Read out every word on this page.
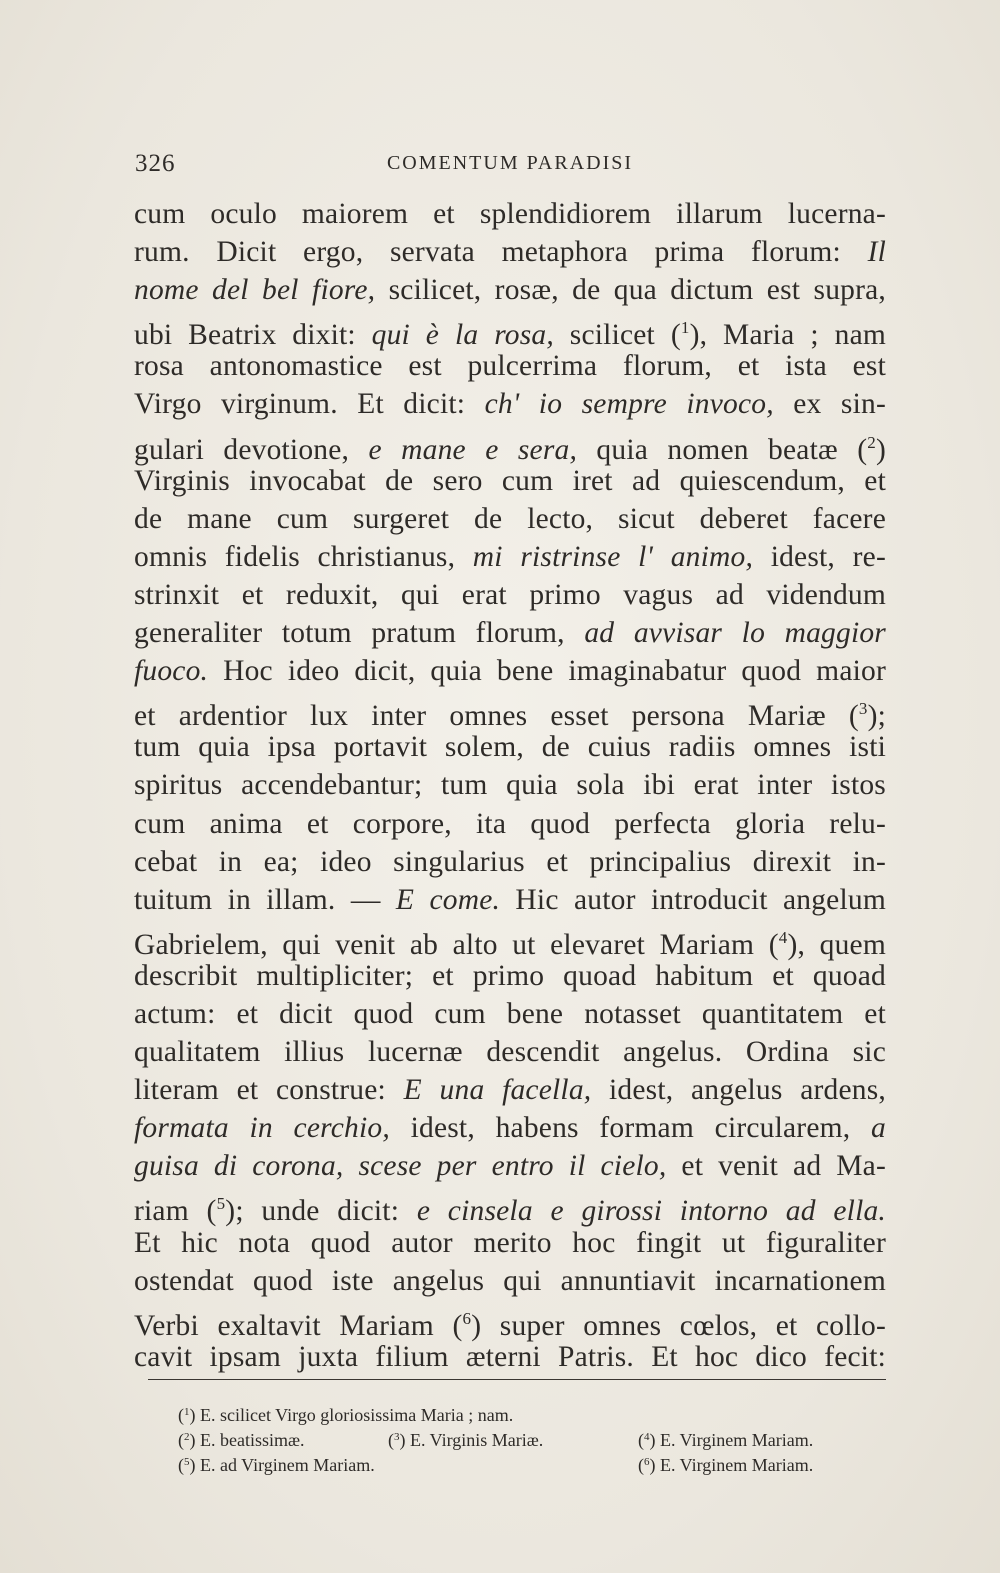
326	COMENTUM PARADISI
cum oculo maiorem et splendidiorem illarum lucerna-
rum. Dicit ergo, servata metaphora prima florum: Il
nome del bel fiore, scilicet, rosæ, de qua dictum est supra,
ubi Beatrix dixit: qui è la rosa, scilicet ($^1$), Maria ; nam
rosa antonomastice est pulcerrima florum, et ista est
Virgo virginum. Et dicit: ch' io sempre invoco, ex sin-
gulari devotione, e mane e sera, quia nomen beatæ ($^2$)
Virginis invocabat de sero cum iret ad quiescendum, et
de mane cum surgeret de lecto, sicut deberet facere
omnis fidelis christianus, mi ristrinse l' animo, idest, re-
strinxit et reduxit, qui erat primo vagus ad videndum
generaliter totum pratum florum, ad avvisar lo maggior
fuoco. Hoc ideo dicit, quia bene imaginabatur quod maior
et ardentior lux inter omnes esset persona Mariæ ($^3$);
tum quia ipsa portavit solem, de cuius radiis omnes isti
spiritus accendebantur; tum quia sola ibi erat inter istos
cum anima et corpore, ita quod perfecta gloria relu-
cebat in ea; ideo singularius et principalius direxit in-
tuitum in illam. — E come. Hic autor introducit angelum
Gabrielem, qui venit ab alto ut elevaret Mariam ($^4$), quem
describit multipliciter; et primo quoad habitum et quoad
actum: et dicit quod cum bene notasset quantitatem et
qualitatem illius lucernæ descendit angelus. Ordina sic
literam et construe: E una facella, idest, angelus ardens,
formata in cerchio, idest, habens formam circularem, a
guisa di corona, scese per entro il cielo, et venit ad Ma-
riam ($^5$); unde dicit: e cinsela e girossi intorno ad ella.
Et hic nota quod autor merito hoc fingit ut figuraliter
ostendat quod iste angelus qui annuntiavit incarnationem
Verbi exaltavit Mariam ($^6$) super omnes cœlos, et collo-
cavit ipsam juxta filium æterni Patris. Et hoc dico fecit:
($^1$) E. scilicet Virgo gloriosissima Maria ; nam.
($^2$) E. beatissimæ.	($^3$) E. Virginis Mariæ.	($^4$) E. Virginem Mariam.
($^5$) E. ad Virginem Mariam.	($^6$) E. Virginem Mariam.
